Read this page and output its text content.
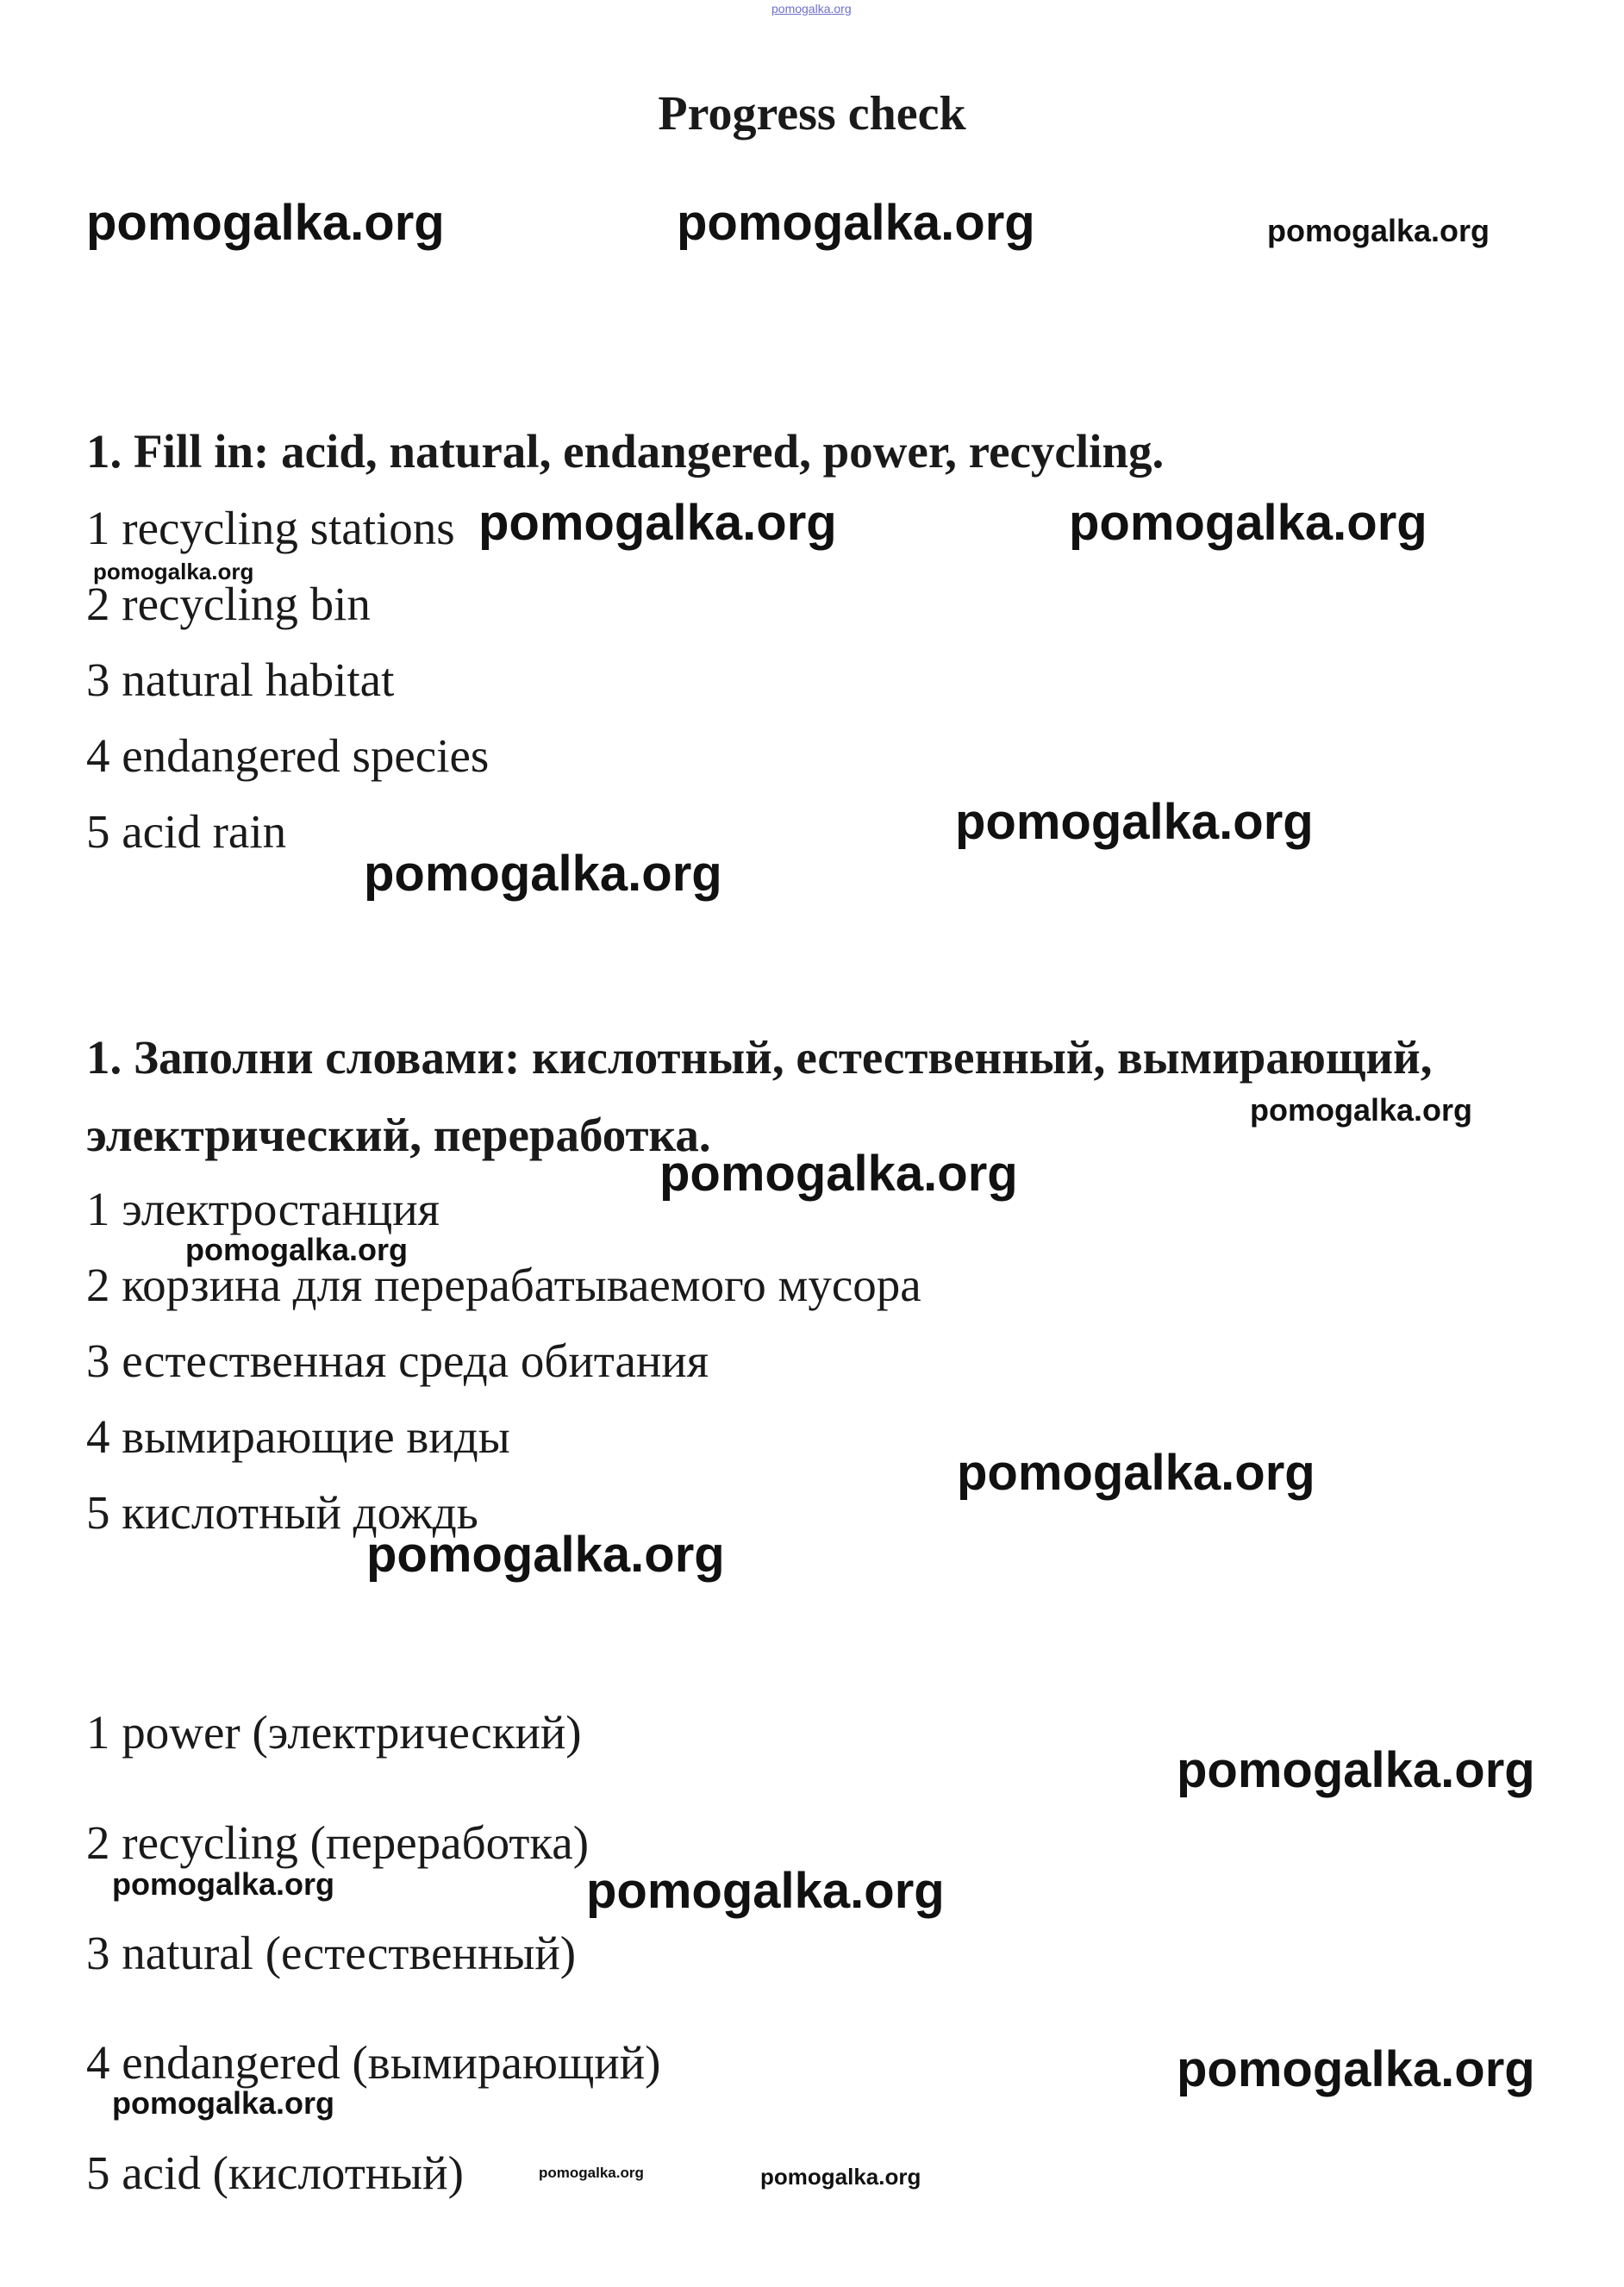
pomogalka.org
Progress check
1. Fill in: acid, natural, endangered, power, recycling.
1 recycling stations
2 recycling bin
3 natural habitat
4 endangered species
5 acid rain
1. Заполни словами: кислотный, естественный, вымирающий,
электрический, переработка.
1 электростанция
2 корзина для перерабатываемого мусора
3 естественная среда обитания
4 вымирающие виды
5 кислотный дождь
1 power (электрический)
2 recycling (переработка)
3 natural (естественный)
4 endangered (вымирающий)
5 acid (кислотный)
pomogalka.org	pomogalka.org	pomogalka.org
pomogalka.org	pomogalka.org
pomogalka.org
pomogalka.org
pomogalka.org
pomogalka.org
pomogalka.org
pomogalka.org
pomogalka.org
pomogalka.org
pomogalka.org
pomogalka.org	pomogalka.org
pomogalka.org
pomogalka.org
pomogalka.org	pomogalka.org
